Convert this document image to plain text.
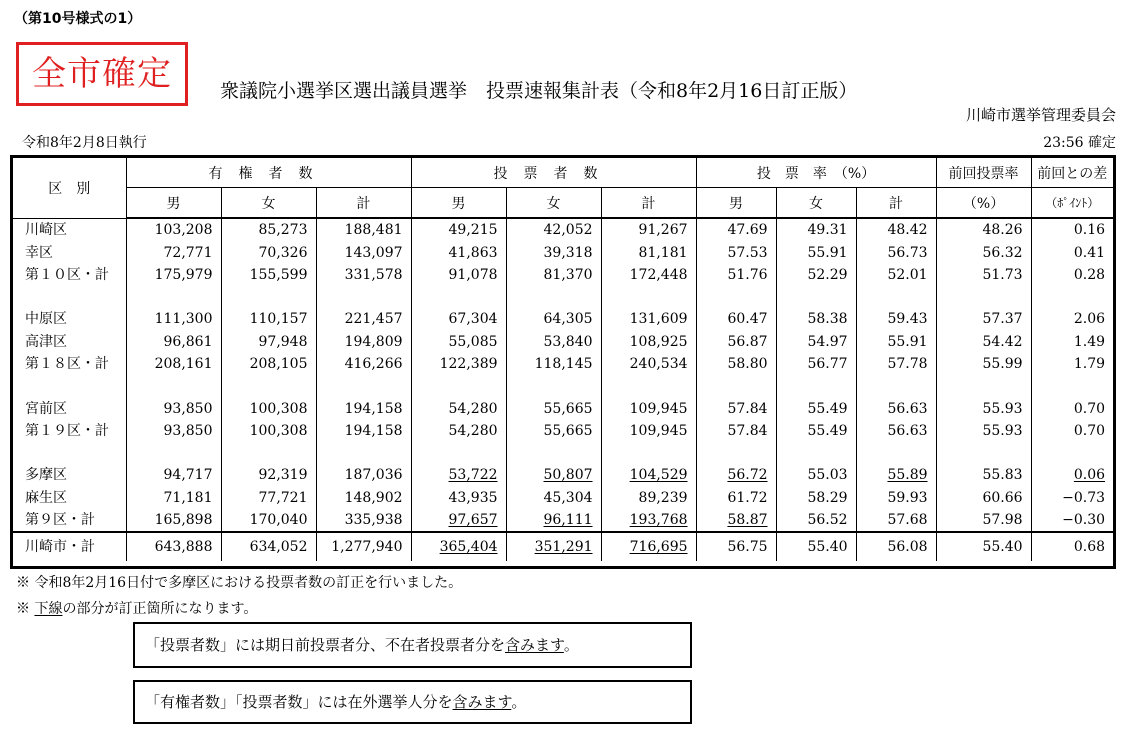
（第10号様式の1）
全市確定	衆議院小選挙区選出議員選挙　投票速報集計表（令和8年2月16日訂正版）
川崎市選挙管理委員会
令和8年2月8日執行	23:56 確定
区　別	有権者数			投票者数			投　票　率　（%）			前回投票率	前回との差
	男	女	計	男	女	計	男	女	計	（%）	（ﾎﾟｲﾝﾄ）
川崎区	103,208	85,273	188,481	49,215	42,052	91,267	47.69	49.31	48.42	48.26	0.16
幸区	72,771	70,326	143,097	41,863	39,318	81,181	57.53	55.91	56.73	56.32	0.41
第１０区・計	175,979	155,599	331,578	91,078	81,370	172,448	51.76	52.29	52.01	51.73	0.28

中原区	111,300	110,157	221,457	67,304	64,305	131,609	60.47	58.38	59.43	57.37	2.06
高津区	96,861	97,948	194,809	55,085	53,840	108,925	56.87	54.97	55.91	54.42	1.49
第１８区・計	208,161	208,105	416,266	122,389	118,145	240,534	58.80	56.77	57.78	55.99	1.79

宮前区	93,850	100,308	194,158	54,280	55,665	109,945	57.84	55.49	56.63	55.93	0.70
第１９区・計	93,850	100,308	194,158	54,280	55,665	109,945	57.84	55.49	56.63	55.93	0.70

多摩区	94,717	92,319	187,036	53,722	50,807	104,529	56.72	55.03	55.89	55.83	0.06
麻生区	71,181	77,721	148,902	43,935	45,304	89,239	61.72	58.29	59.93	60.66	−0.73
第９区・計	165,898	170,040	335,938	97,657	96,111	193,768	58.87	56.52	57.68	57.98	−0.30
川崎市・計	643,888	634,052	1,277,940	365,404	351,291	716,695	56.75	55.40	56.08	55.40	0.68
※ 令和8年2月16日付で多摩区における投票者数の訂正を行いました。
※ 下線の部分が訂正箇所になります。
「投票者数」には期日前投票者分、不在者投票者分を含みます。
「有権者数」「投票者数」には在外選挙人分を含みます。
